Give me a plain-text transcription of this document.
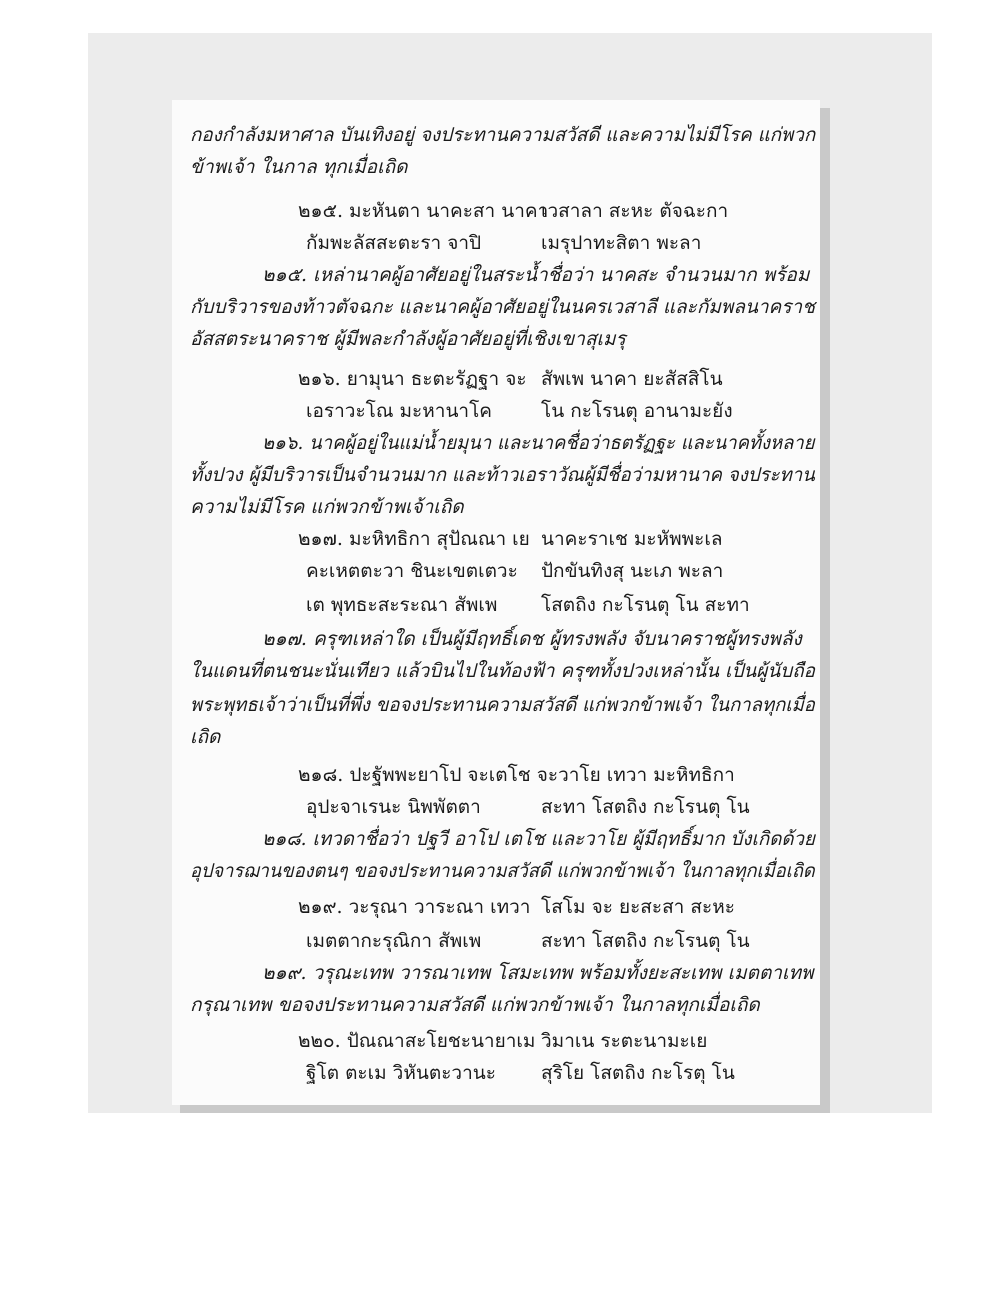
กองกำลังมหาศาล บันเทิงอยู่ จงประทานความสวัสดี และความไม่มีโรค แก่พวก
ข้าพเจ้า ในกาล ทุกเมื่อเถิด
๒๑๕. มะหันตา นาคะสา นาคา
เวสาลา สะหะ ตัจฉะกา
กัมพะลัสสะตะรา จาปิ	เมรุปาทะสิตา พะลา
๒๑๕. เหล่านาคผู้อาศัยอยู่ในสระน้ำชื่อว่า นาคสะ จำนวนมาก พร้อม
กับบริวารของท้าวตัจฉกะ และนาคผู้อาศัยอยู่ในนครเวสาลี และกัมพลนาคราช
อัสสตระนาคราช ผู้มีพละกำลังผู้อาศัยอยู่ที่เชิงเขาสุเมรุ
๒๑๖. ยามุนา ธะตะรัฏฐา จะ สัพเพ นาคา ยะสัสสิโน
เอราวะโณ มะหานาโค	โน กะโรนตุ อานามะยัง
๒๑๖. นาคผู้อยู่ในแม่น้ำยมุนา และนาคชื่อว่าธตรัฏฐะ และนาคทั้งหลาย
ทั้งปวง ผู้มีบริวารเป็นจำนวนมาก และท้าวเอราวัณผู้มีชื่อว่ามหานาค จงประทาน
ความไม่มีโรค แก่พวกข้าพเจ้าเถิด
๒๑๗. มะหิทธิกา สุปัณณา เย นาคะราเช มะหัพพะเล
คะเหตตะวา ชินะเขตเตวะ ปักขันทิงสุ นะเภ พะลา
เต พุทธะสะระณา สัพเพ โสตถิง กะโรนตุ โน สะทา
๒๑๗. ครุฑเหล่าใด เป็นผู้มีฤทธิ์เดช ผู้ทรงพลัง จับนาคราชผู้ทรงพลัง
ในแดนที่ตนชนะนั่นเทียว แล้วบินไปในท้องฟ้า ครุฑทั้งปวงเหล่านั้น เป็นผู้นับถือ
พระพุทธเจ้าว่าเป็นที่พึ่ง ขอจงประทานความสวัสดี แก่พวกข้าพเจ้า ในกาลทุกเมื่อ
เถิด
๒๑๘. ปะฐัพพะยาโป จะเตโช จะวาโย เทวา มะหิทธิกา
อุปะจาเรนะ นิพพัตตา	สะทา โสตถิง กะโรนตุ โน
๒๑๘. เทวดาชื่อว่า ปฐวี อาโป เตโช และวาโย ผู้มีฤทธิ์มาก บังเกิดด้วย
อุปจารฌานของตนๆ ขอจงประทานความสวัสดี แก่พวกข้าพเจ้า ในกาลทุกเมื่อเถิด
๒๑๙. วะรุณา วาระณา เทวา โสโม จะ ยะสะสา สะหะ
เมตตากะรุณิกา สัพเพ	สะทา โสตถิง กะโรนตุ โน
๒๑๙. วรุณะเทพ วารณาเทพ โสมะเทพ พร้อมทั้งยะสะเทพ เมตตาเทพ
กรุณาเทพ ขอจงประทานความสวัสดี แก่พวกข้าพเจ้า ในกาลทุกเมื่อเถิด
๒๒๐. ปัณณาสะโยชะนายาเม วิมาเน ระตะนามะเย
ฐิโต ตะเม วิหันตะวานะ สุริโย โสตถิง กะโรตุ โน
